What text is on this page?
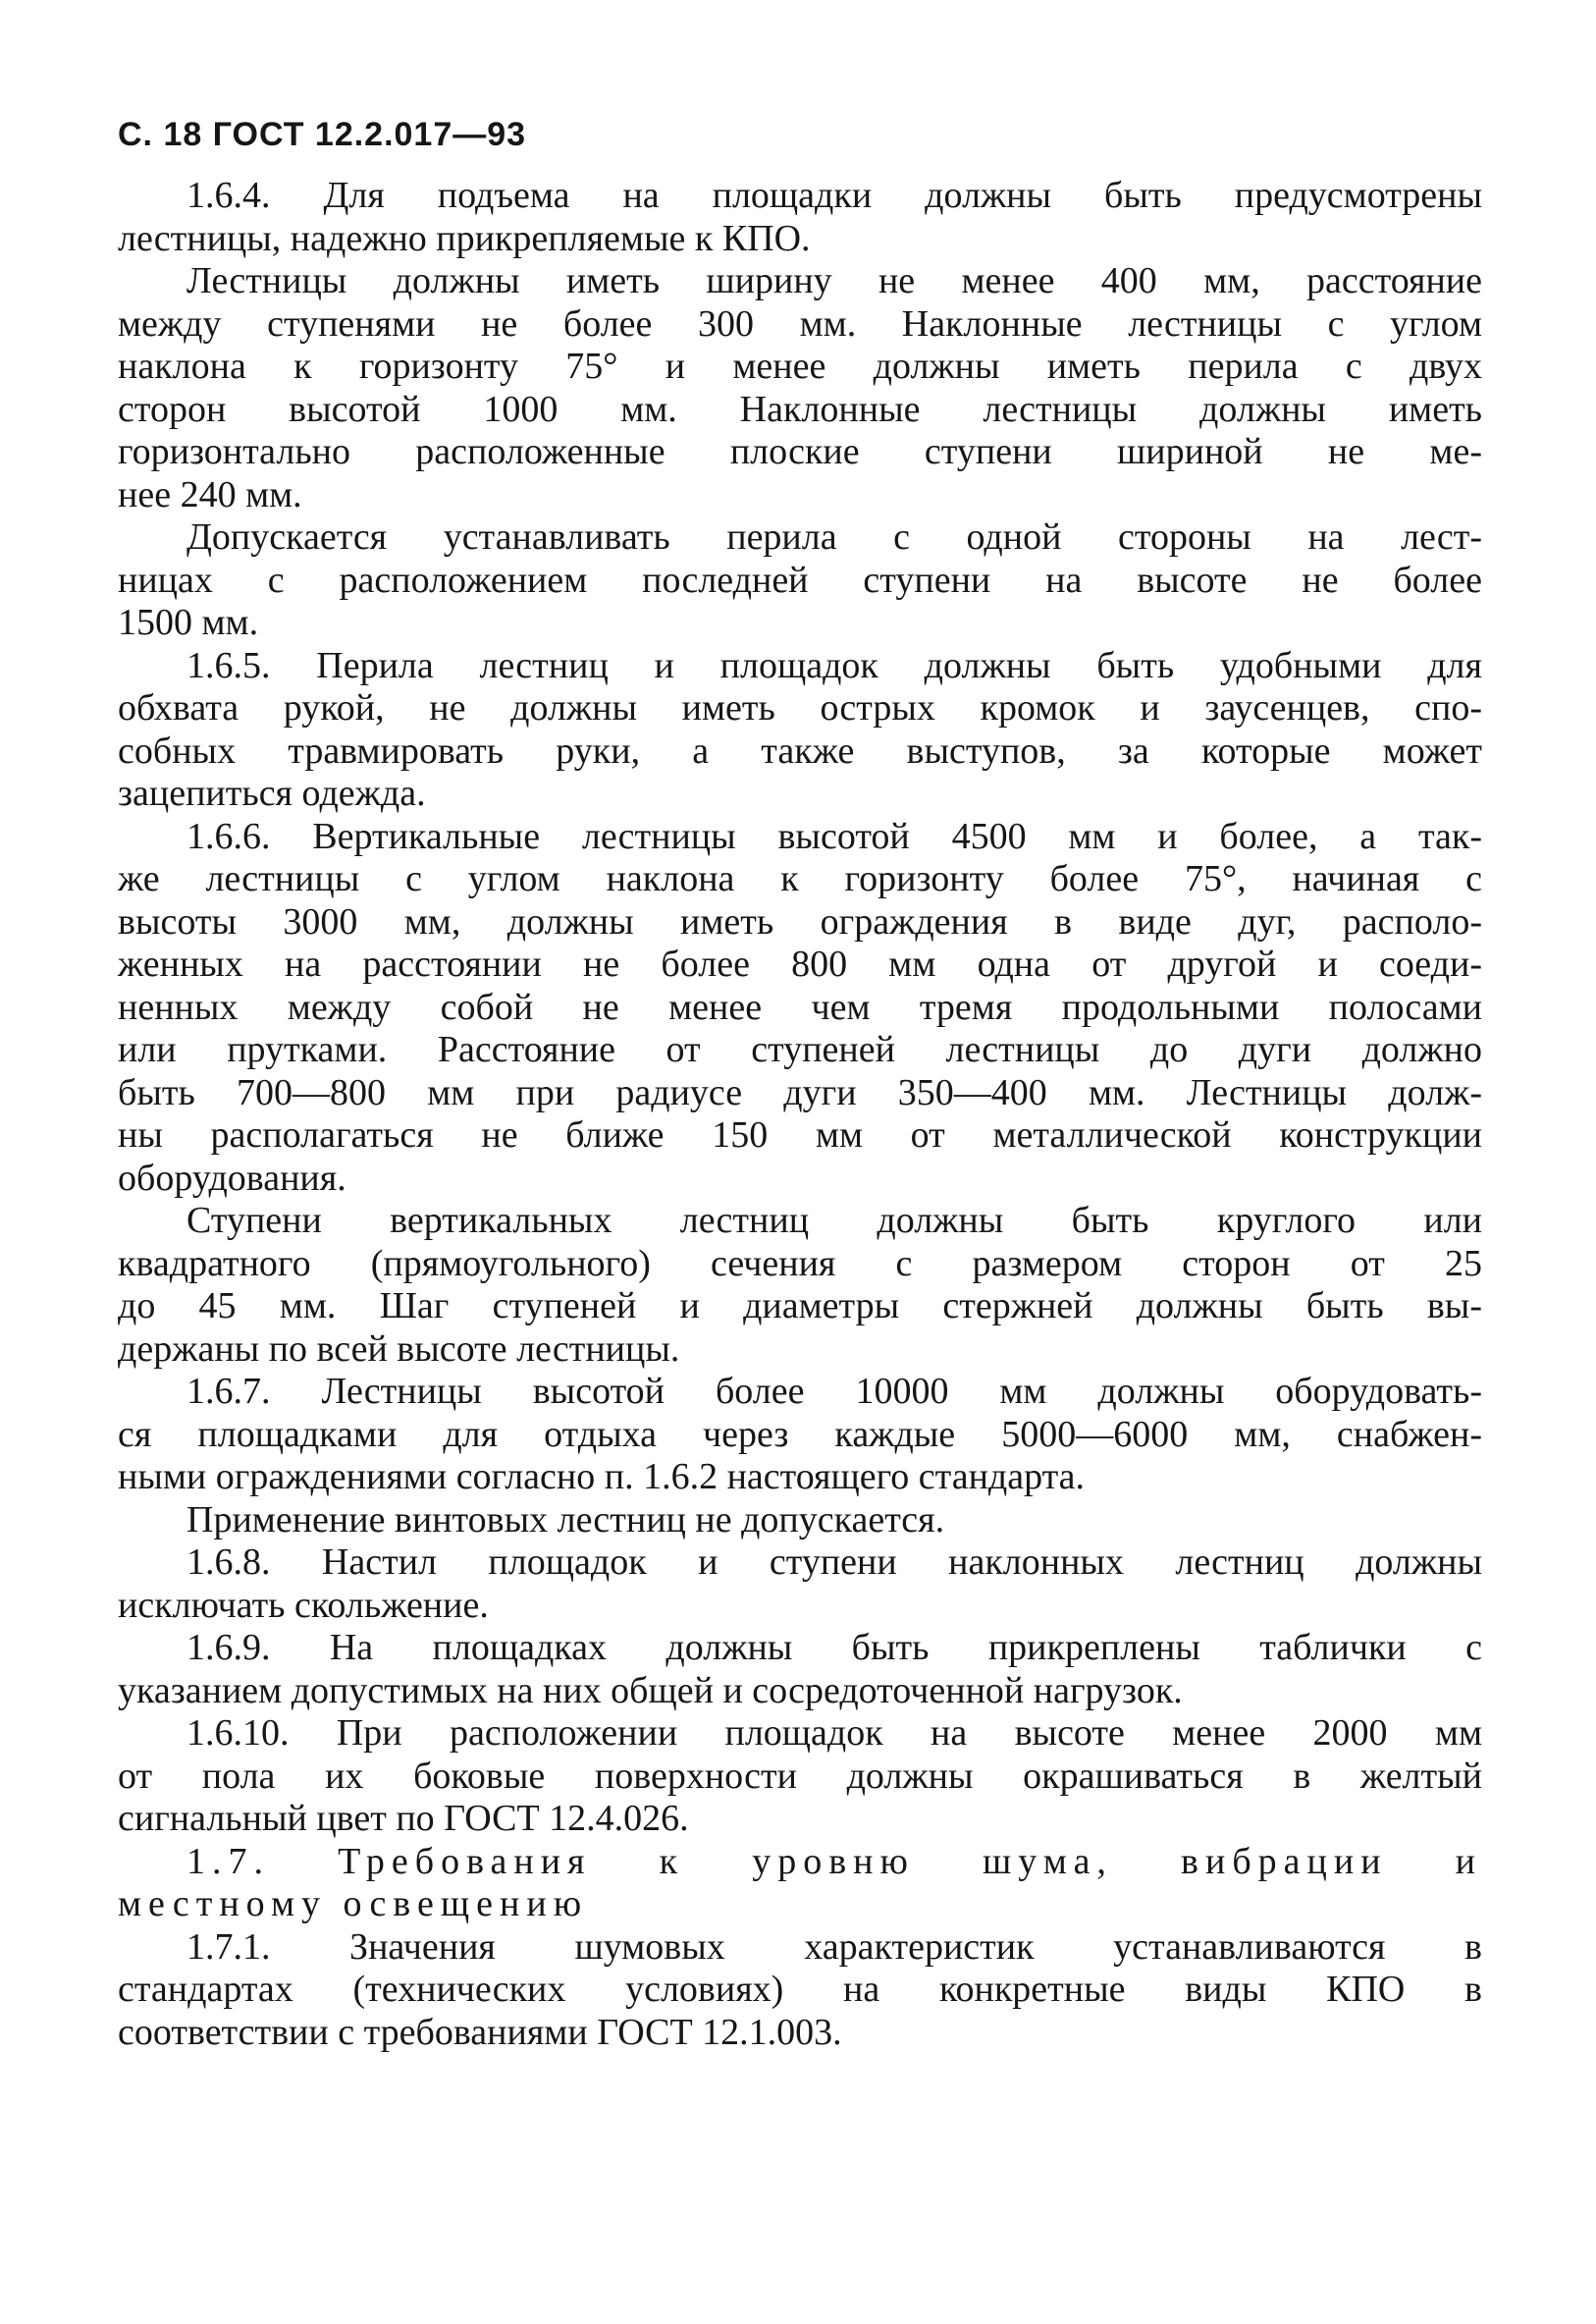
С. 18 ГОСТ 12.2.017—93
1.6.4. Для подъема на площадки должны быть предусмотрены
лестницы, надежно прикрепляемые к КПО.
Лестницы должны иметь ширину не менее 400 мм, расстояние
между ступенями не более 300 мм. Наклонные лестницы с углом
наклона к горизонту 75° и менее должны иметь перила с двух
сторон высотой 1000 мм. Наклонные лестницы должны иметь
горизонтально расположенные плоские ступени шириной не ме-
нее 240 мм.
Допускается устанавливать перила с одной стороны на лест-
ницах с расположением последней ступени на высоте не более
1500 мм.
1.6.5. Перила лестниц и площадок должны быть удобными для
обхвата рукой, не должны иметь острых кромок и заусенцев, спо-
собных травмировать руки, а также выступов, за которые может
зацепиться одежда.
1.6.6. Вертикальные лестницы высотой 4500 мм и более, а так-
же лестницы с углом наклона к горизонту более 75°, начиная с
высоты 3000 мм, должны иметь ограждения в виде дуг, располо-
женных на расстоянии не более 800 мм одна от другой и соеди-
ненных между собой не менее чем тремя продольными полосами
или прутками. Расстояние от ступеней лестницы до дуги должно
быть 700—800 мм при радиусе дуги 350—400 мм. Лестницы долж-
ны располагаться не ближе 150 мм от металлической конструкции
оборудования.
Ступени вертикальных лестниц должны быть круглого или
квадратного (прямоугольного) сечения с размером сторон от 25
до 45 мм. Шаг ступеней и диаметры стержней должны быть вы-
держаны по всей высоте лестницы.
1.6.7. Лестницы высотой более 10000 мм должны оборудовать-
ся площадками для отдыха через каждые 5000—6000 мм, снабжен-
ными ограждениями согласно п. 1.6.2 настоящего стандарта.
Применение винтовых лестниц не допускается.
1.6.8. Настил площадок и ступени наклонных лестниц должны
исключать скольжение.
1.6.9. На площадках должны быть прикреплены таблички с
указанием допустимых на них общей и сосредоточенной нагрузок.
1.6.10. При расположении площадок на высоте менее 2000 мм
от пола их боковые поверхности должны окрашиваться в желтый
сигнальный цвет по ГОСТ 12.4.026.
1.7. Требования к уровню шума, вибрации и
местному освещению
1.7.1. Значения шумовых характеристик устанавливаются в
стандартах (технических условиях) на конкретные виды КПО в
соответствии с требованиями ГОСТ 12.1.003.
